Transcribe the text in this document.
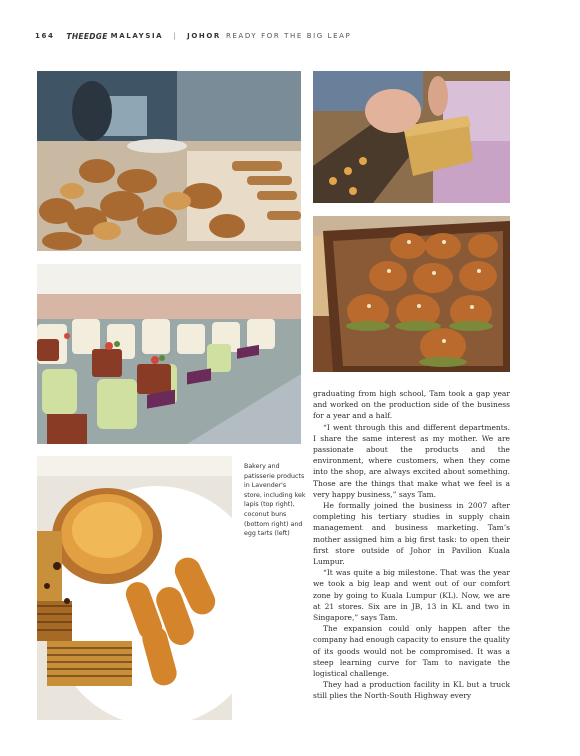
164 THEEDGE MALAYSIA | JOHOR READY FOR THE BIG LEAP
Bakery and patisserie products in Lavender's store, including kek lapis (top right), coconut buns (bottom right) and egg tarts (left)

graduating from high school, Tam took a gap year and worked on the production side of the business for a year and a half.

“I went through this and different departments. I share the same interest as my mother. We are passionate about the products and the environment, where customers, when they come into the shop, are always excited about something. Those are the things that make what we feel is a very happy business,” says Tam.

He formally joined the business in 2007 after completing his tertiary studies in supply chain management and business marketing. Tam’s mother assigned him a big first task: to open their first store outside of Johor in Pavilion Kuala Lumpur.

“It was quite a big milestone. That was the year we took a big leap and went out of our comfort zone by going to Kuala Lumpur (KL). Now, we are at 21 stores. Six are in JB, 13 in KL and two in Singapore,” says Tam.

The expansion could only happen after the company had enough capacity to ensure the quality of its goods would not be compromised. It was a steep learning curve for Tam to navigate the logistical challenge.

They had a production facility in KL but a truck still plies the North-South Highway every
